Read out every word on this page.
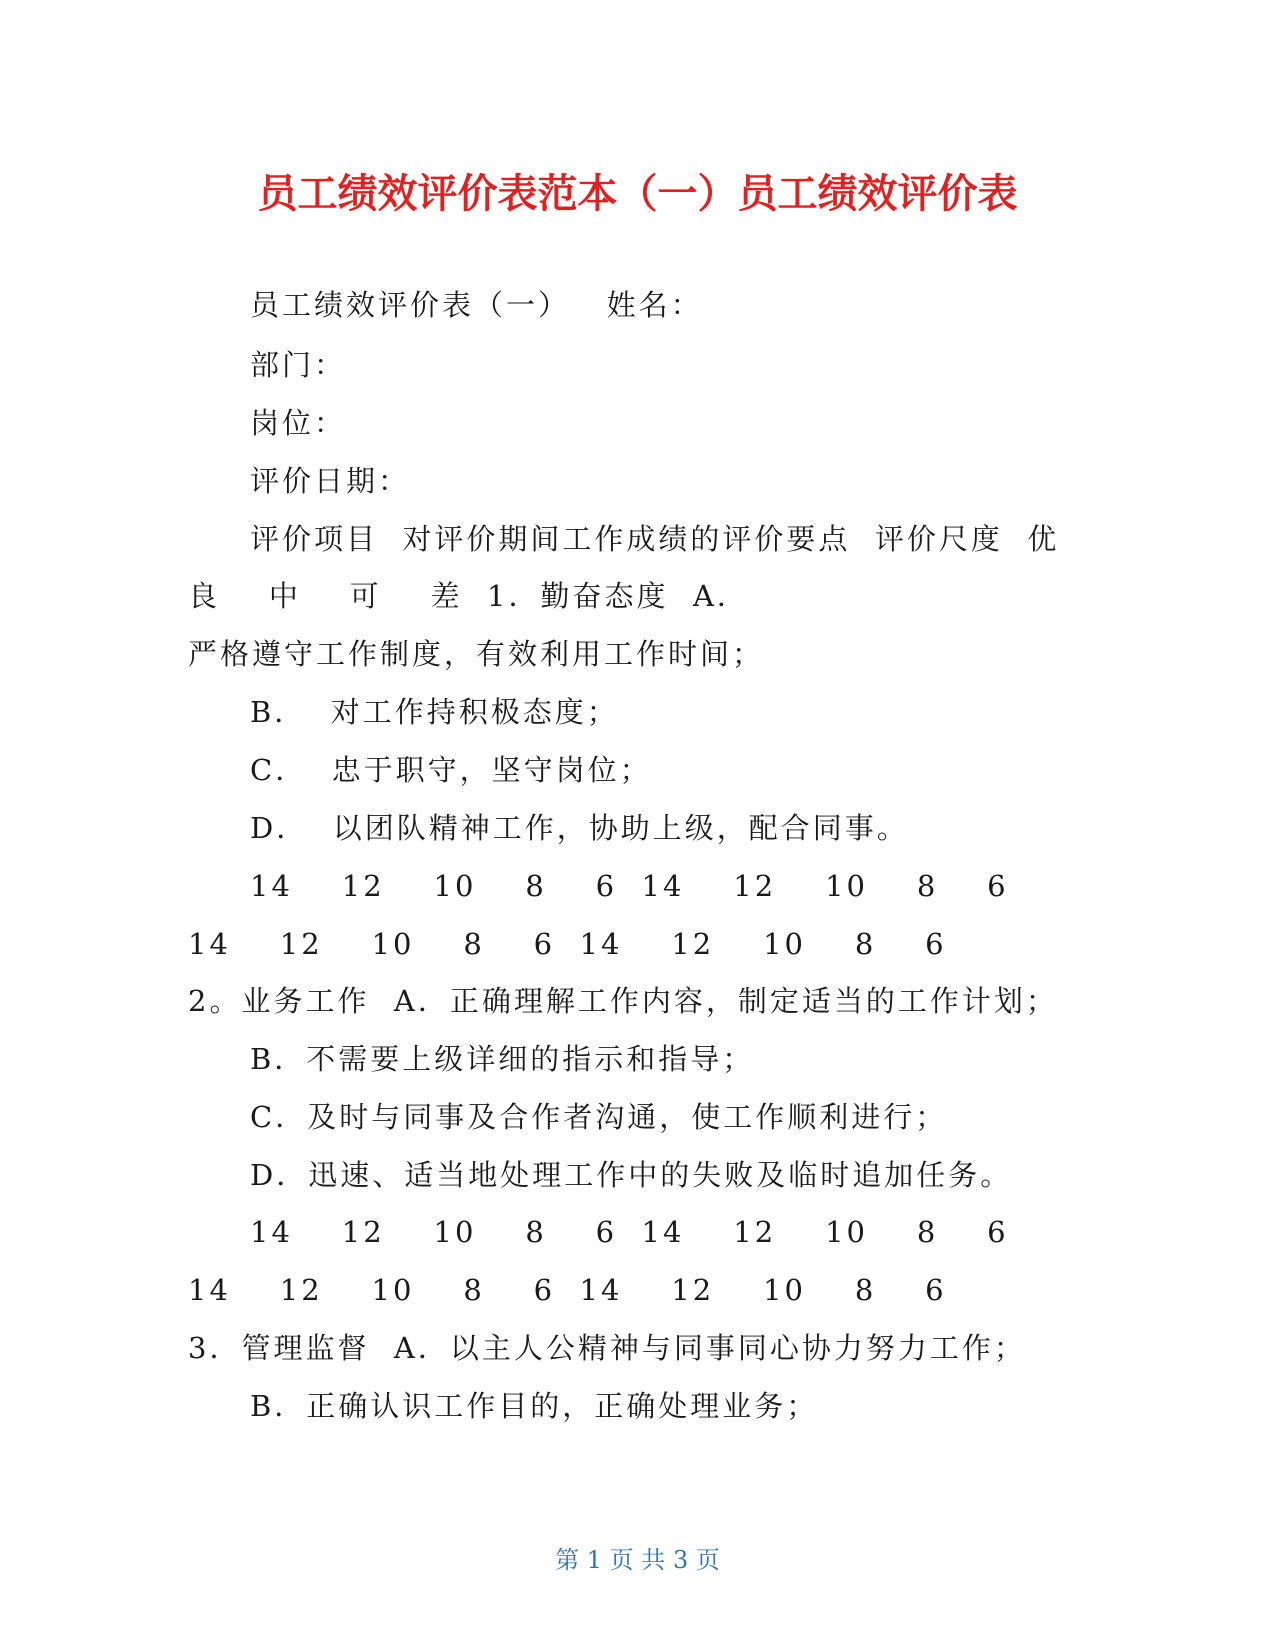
员工绩效评价表范本（一）员工绩效评价表
员工绩效评价表（一）   姓名：
部门：
岗位：
评价日期：
评价项目  对评价期间工作成绩的评价要点  评价尺度  优
良    中    可    差  1．勤奋态度  A．
严格遵守工作制度，有效利用工作时间；
B．  对工作持积极态度；
C．  忠于职守，坚守岗位；
D．  以团队精神工作，协助上级，配合同事。
14    12    10    8    6  14    12    10    8    6
14    12    10    8    6  14    12    10    8    6
2。业务工作  A．正确理解工作内容，制定适当的工作计划；
B．不需要上级详细的指示和指导；
C．及时与同事及合作者沟通，使工作顺利进行；
D．迅速、适当地处理工作中的失败及临时追加任务。
14    12    10    8    6  14    12    10    8    6
14    12    10    8    6  14    12    10    8    6
3．管理监督  A．以主人公精神与同事同心协力努力工作；
B．正确认识工作目的，正确处理业务；
第 1 页 共 3 页
